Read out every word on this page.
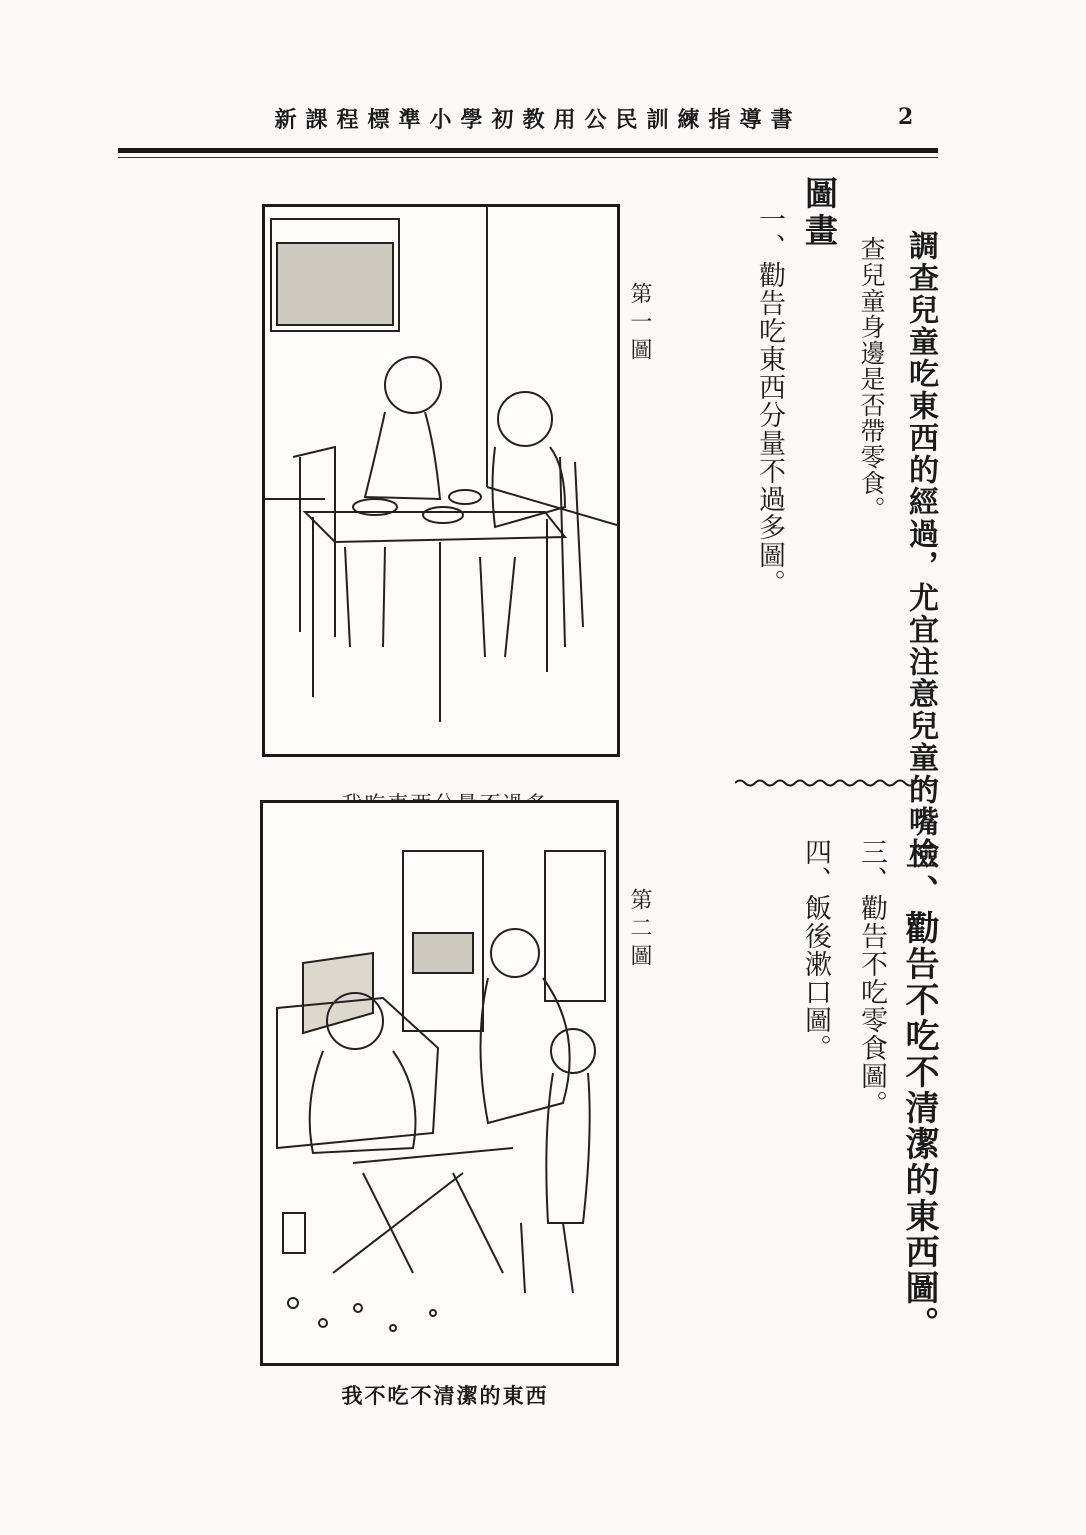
新課程標準小學初教用公民訓練指導書	2
調查兒童吃東西的經過，尤宜注意兒童的嘴檢
查兒童身邊是否帶零食。
圖畫
一、勸告吃東西分量不過多圖。
二、勸告不吃不清潔的東西圖。
三、勸告不吃零食圖。
四、飯後漱口圖。
第一圖
第二圖
我不吃不清潔的東西
